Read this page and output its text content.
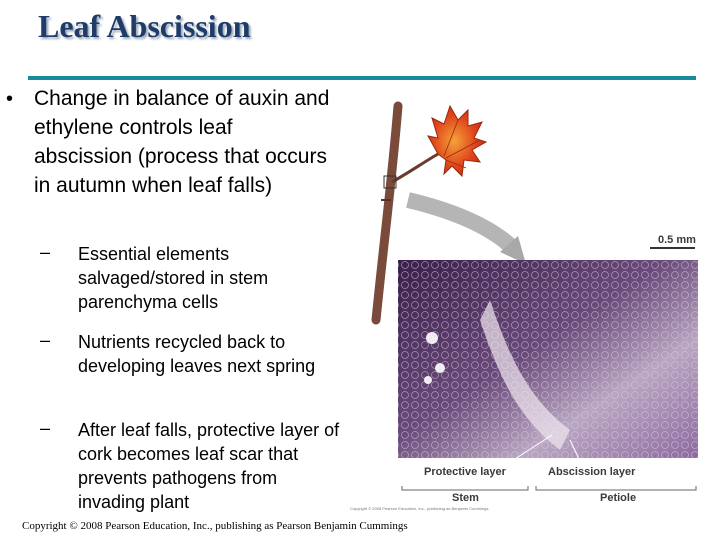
Leaf Abscission
• Change in balance of auxin and ethylene controls leaf abscission (process that occurs in autumn when leaf falls)
– Essential elements salvaged/stored in stem parenchyma cells
– Nutrients recycled back to developing leaves next spring
– After leaf falls, protective layer of cork becomes leaf scar that prevents pathogens from invading plant
0.5 mm
Protective layer	Abscission layer
Stem	Petiole
Copyright © 2008 Pearson Education, Inc., publishing as Benjamin Cummings.
Copyright © 2008 Pearson Education, Inc., publishing as Pearson Benjamin Cummings
